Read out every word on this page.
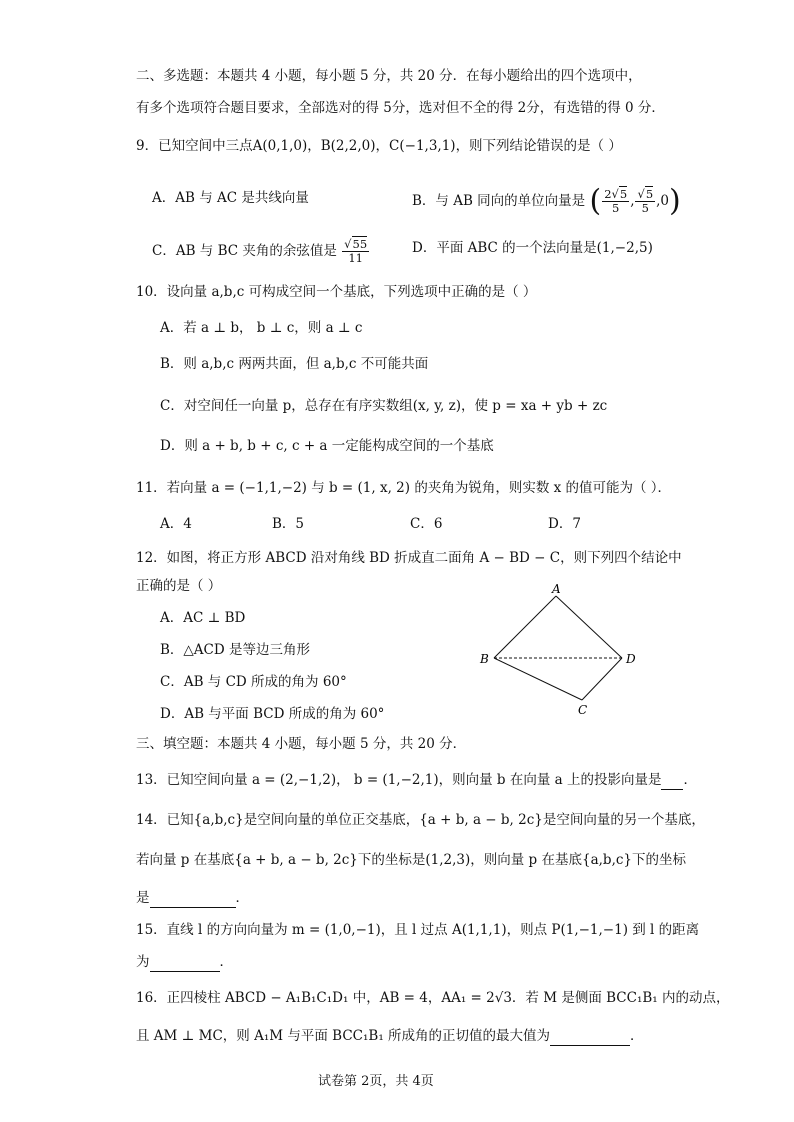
二、多选题：本题共 4 小题，每小题 5 分，共 20 分．在每小题给出的四个选项中，
有多个选项符合题目要求，全部选对的得 5分，选对但不全的得 2分，有选错的得 0 分．
9．已知空间中三点A(0,1,0)，B(2,2,0)，C(−1,3,1)，则下列结论错误的是（ ）
A．AB 与 AC 是共线向量	B．与 AB 同向的单位向量是 ( $\frac{2√5}{5}$ , $\frac{√5}{5} ,0$)
C．AB 与 BC 夹角的余弦值是 $\frac{√55}{11}$	D．平面 ABC 的一个法向量是(1,−2,5)
10．设向量 a,b,c 可构成空间一个基底，下列选项中正确的是（ ）
A．若 a ⊥ b， b ⊥ c，则 a ⊥ c
B．则 a,b,c 两两共面，但 a,b,c 不可能共面
C．对空间任一向量 p，总存在有序实数组(x, y, z)，使 p = xa + yb + zc
D．则 a + b, b + c, c + a 一定能构成空间的一个基底
11．若向量 a = (−1,1,−2) 与 b = (1, x, 2) 的夹角为锐角，则实数 x 的值可能为（ ）．
A．4	B．5	C．6	D．7
12．如图，将正方形 ABCD 沿对角线 BD 折成直二面角 A − BD − C，则下列四个结论中
正确的是（ ）
A．AC ⊥ BD
B．△ACD 是等边三角形
C．AB 与 CD 所成的角为 60°
D．AB 与平面 BCD 所成的角为 60°
A
B	D
C
三、填空题：本题共 4 小题，每小题 5 分，共 20 分．
13．已知空间向量 a = (2,−1,2)， b = (1,−2,1)，则向量 b 在向量 a 上的投影向量是 ．
14．已知{a,b,c}是空间向量的单位正交基底，{a + b, a − b, 2c}是空间向量的另一个基底，
若向量 p 在基底{a + b, a − b, 2c}下的坐标是(1,2,3)，则向量 p 在基底{a,b,c}下的坐标
是	．
15．直线 l 的方向向量为 m = (1,0,−1)，且 l 过点 A(1,1,1)，则点 P(1,−1,−1) 到 l 的距离
为	．
16．正四棱柱 ABCD − A₁B₁C₁D₁ 中，AB = 4，AA₁ = 2√3．若 M 是侧面 BCC₁B₁ 内的动点，
且 AM ⊥ MC，则 A₁M 与平面 BCC₁B₁ 所成角的正切值的最大值为	．
试卷第 2页，共 4页
